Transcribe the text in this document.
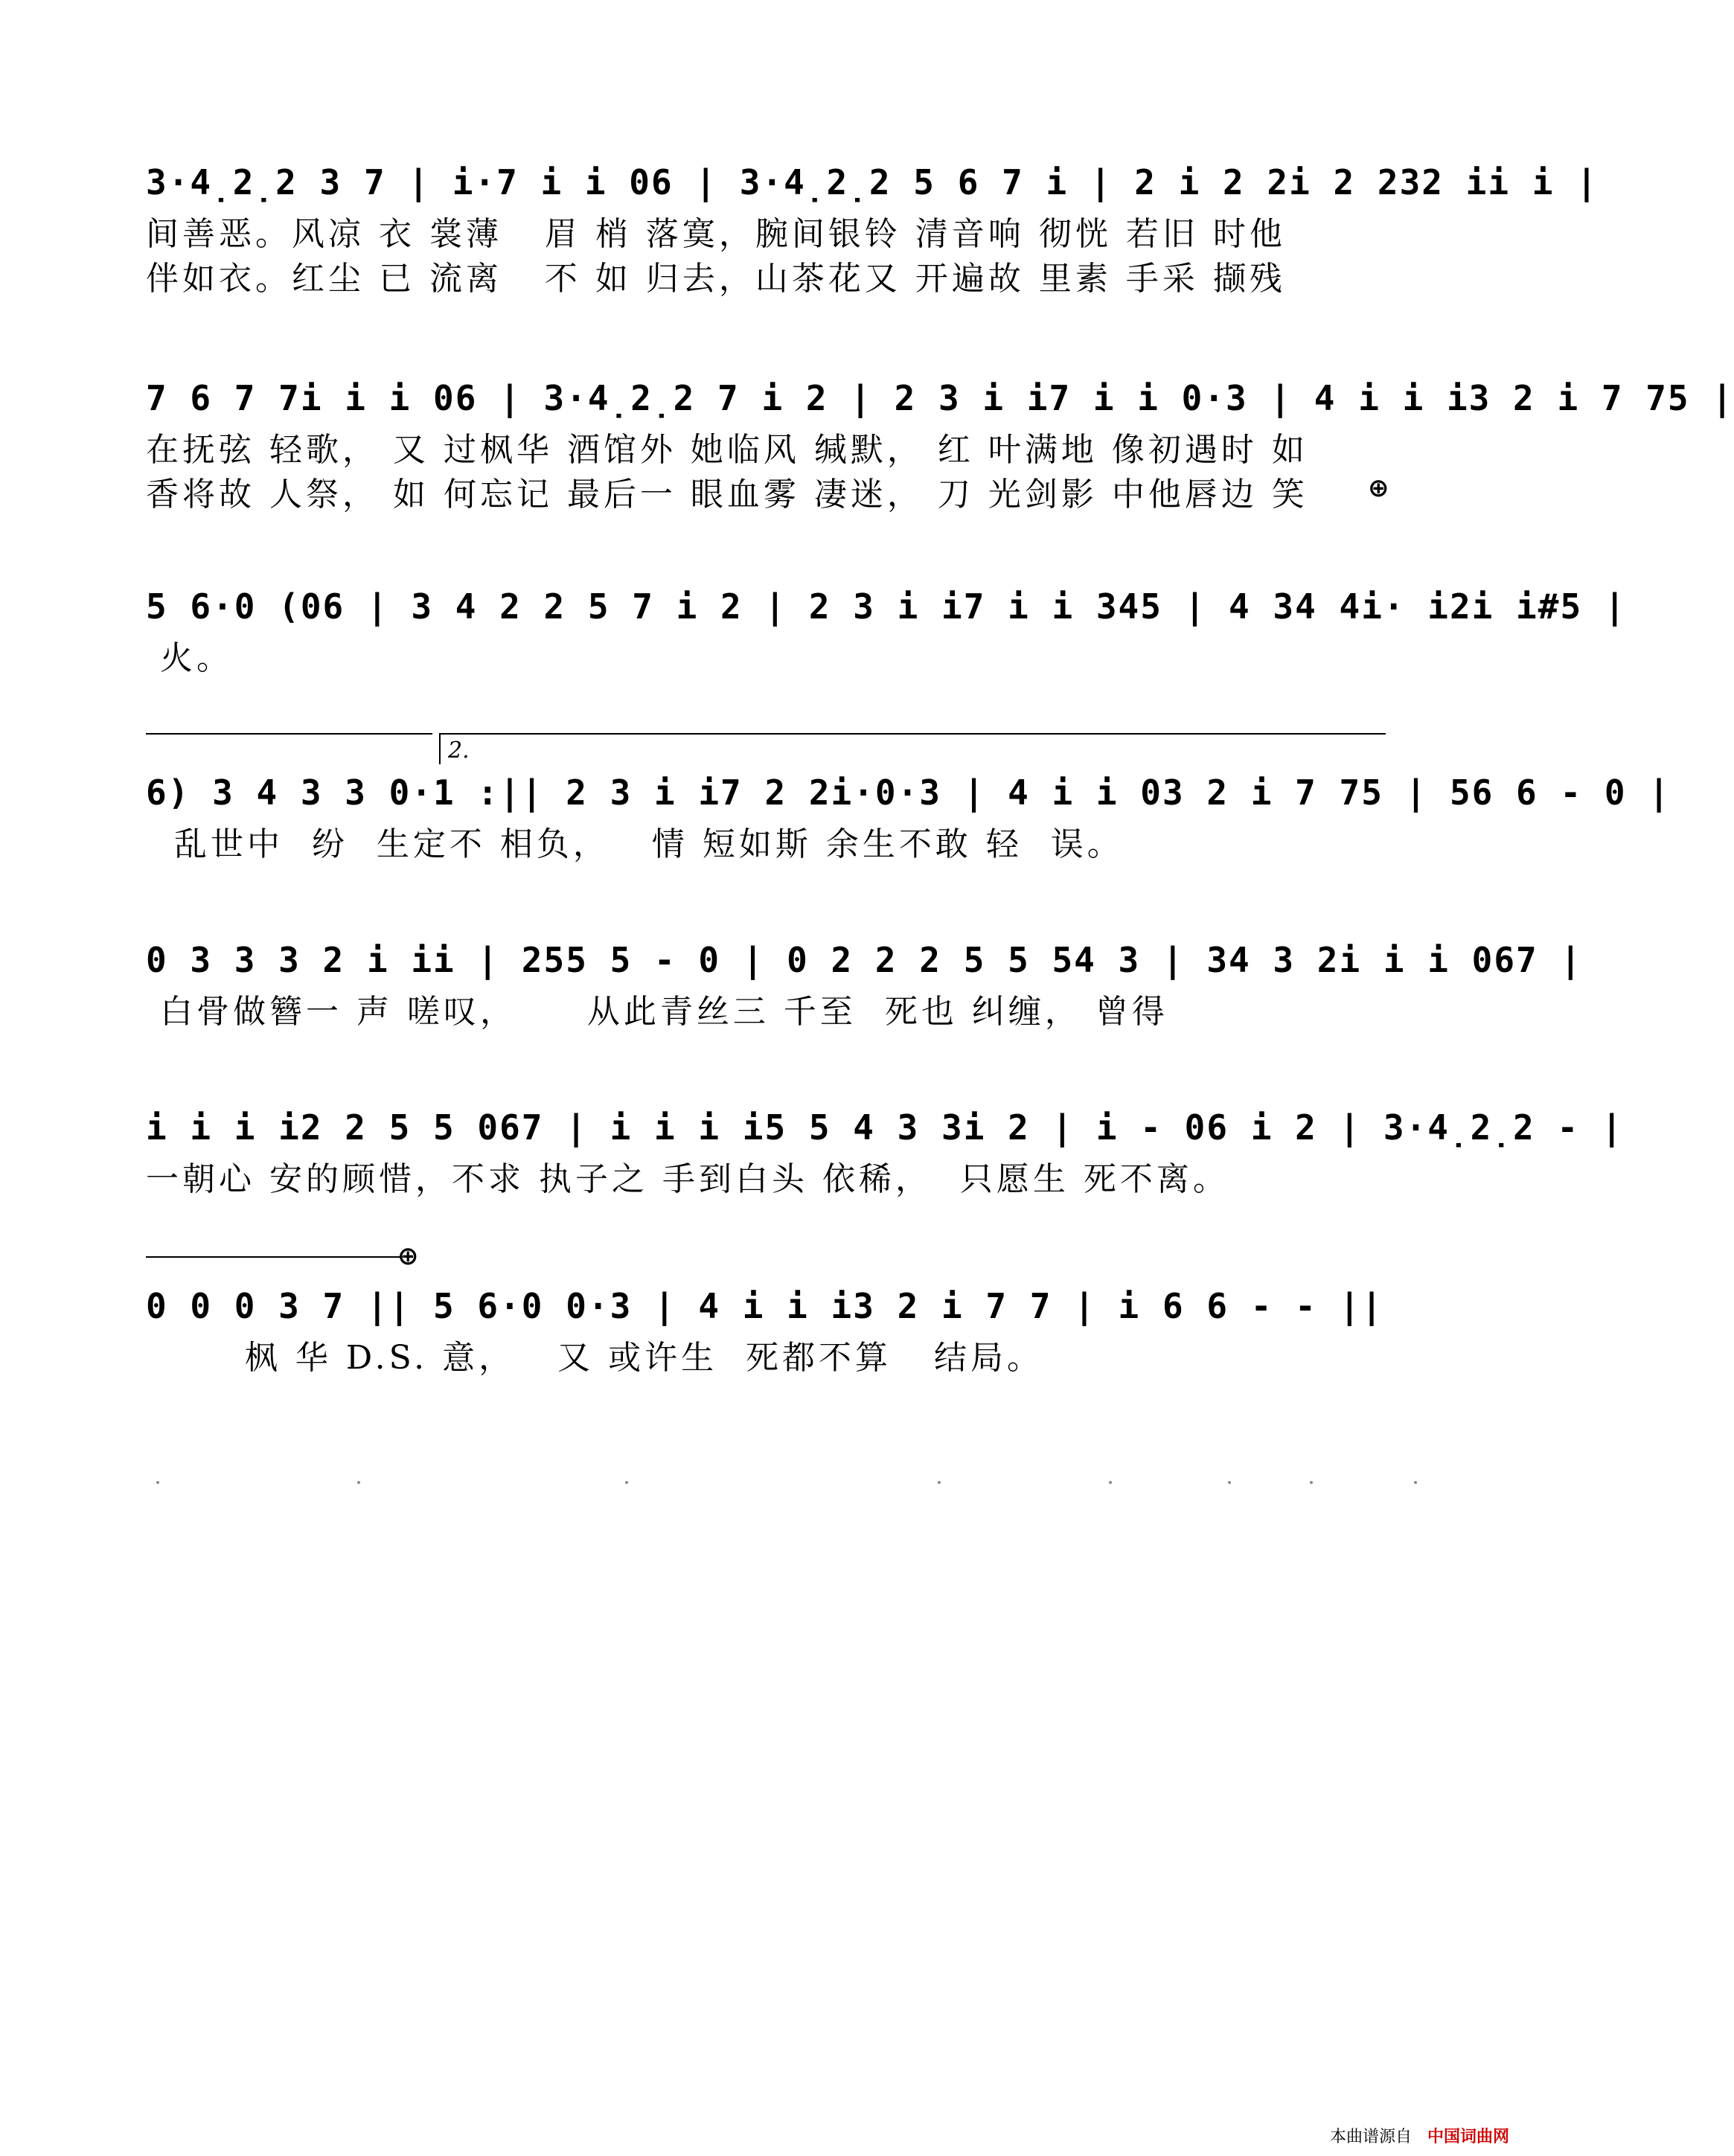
3·4̣2̣2 3 7 | i·7 i i 06 | 3·4̣2̣2 5 6 7 i | 2 i 2 2i 2 232 ii i |
间善恶。风凉 衣 裳薄   眉 梢 落寞，腕间银铃 清音响 彻恍 若旧 时他
伴如衣。红尘 已 流离   不 如 归去，山茶花又 开遍故 里素 手采 撷残
7 6 7 7i i i 06 | 3·4̣2̣2 7 i 2 | 2 3 i i7 i i 0·3 | 4 i i i3 2 i 7 75 |
在抚弦 轻歌， 又 过枫华 酒馆外 她临风 缄默， 红 叶满地 像初遇时 如
香将故 人祭， 如 何忘记 最后一 眼血雾 凄迷， 刀 光剑影 中他唇边 笑	⊕
5 6·0 (06 | 3 4 2 2 5 7 i 2 | 2 3 i i7 i i 345 | 4 34 4i· i2i i#5 |
火。
2.
6) 3 4 3 3 0·1 :|| 2 3 i i7 2 2i·0·3 | 4 i i 03 2 i 7 75 | 56 6 - 0 |
乱世中  纷  生定不 相负，   情 短如斯 余生不敢 轻  误。
0 3 3 3 2 i ii | 255 5 - 0 | 0 2 2 2 5 5 54 3 | 34 3 2i i i 067 |
白骨做簪一 声 嗟叹，     从此青丝三 千至  死也 纠缠， 曾得
i i i i2 2 5 5 067 | i i i i5 5 4 3 3i 2 | i - 06 i 2 | 3·4̣2̣2 - |
一朝心 安的顾惜，不求 执子之 手到白头 依稀，  只愿生 死不离。
⊕
0 0 0 3 7 || 5 6·0 0·3 | 4 i i i3 2 i 7 7 | i 6 6 - - ||
枫 华 D.S. 意，   又 或许生  死都不算   结局。
本曲谱源自 中国词曲网
